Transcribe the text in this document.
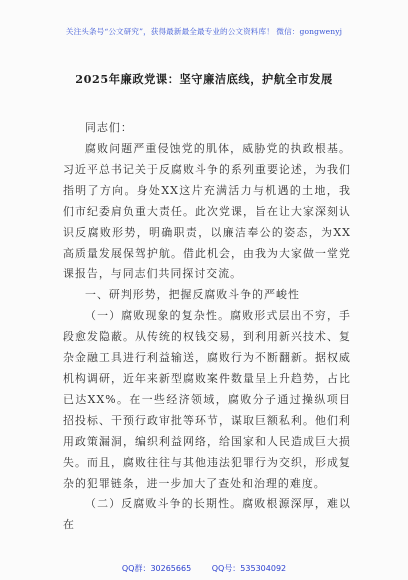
关注头条号“公文研究”，获得最新最全最专业的公文资料库！ 微信：gongwenyj
2025年廉政党课：坚守廉洁底线，护航全市发展

同志们：

腐败问题严重侵蚀党的肌体，威胁党的执政根基。习近平总书记关于反腐败斗争的系列重要论述，为我们指明了方向。身处XX这片充满活力与机遇的土地，我们市纪委肩负重大责任。此次党课，旨在让大家深刻认识反腐败形势，明确职责，以廉洁奉公的姿态，为XX高质量发展保驾护航。借此机会，由我为大家做一堂党课报告，与同志们共同探讨交流。

一、研判形势，把握反腐败斗争的严峻性

（一）腐败现象的复杂性。腐败形式层出不穷，手段愈发隐蔽。从传统的权钱交易，到利用新兴技术、复杂金融工具进行利益输送，腐败行为不断翻新。据权威机构调研，近年来新型腐败案件数量呈上升趋势，占比已达XX%。在一些经济领域，腐败分子通过操纵项目招投标、干预行政审批等环节，谋取巨额私利。他们利用政策漏洞，编织利益网络，给国家和人民造成巨大损失。而且，腐败往往与其他违法犯罪行为交织，形成复杂的犯罪链条，进一步加大了查处和治理的难度。

（二）反腐败斗争的长期性。腐败根源深厚，难以在

QQ群：30265665	QQ号：535304092
